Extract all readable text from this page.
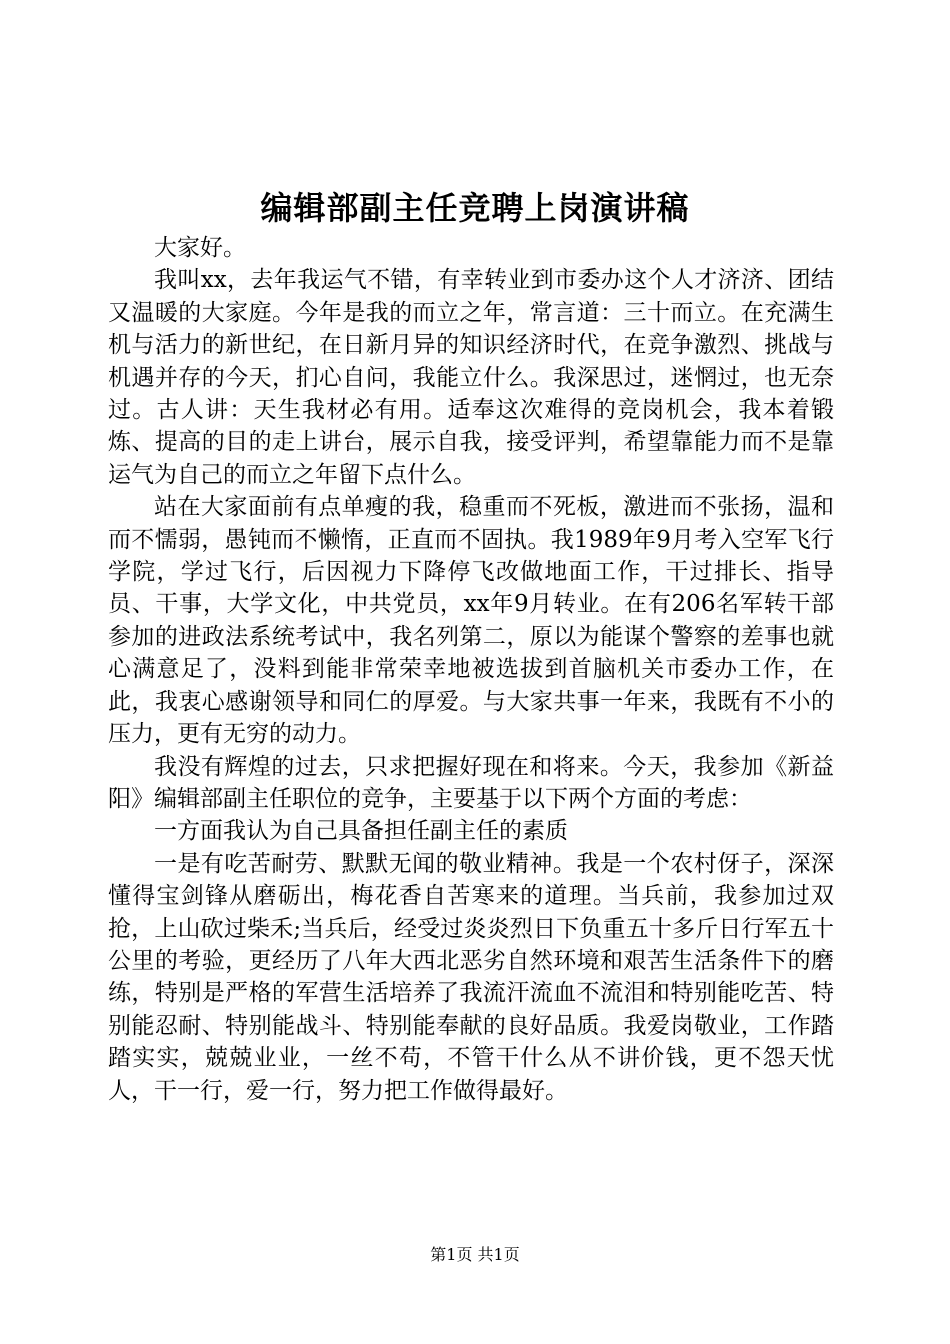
编辑部副主任竞聘上岗演讲稿

大家好。

我叫xx，去年我运气不错，有幸转业到市委办这个人才济济、团结又温暖的大家庭。今年是我的而立之年，常言道：三十而立。在充满生机与活力的新世纪，在日新月异的知识经济时代，在竞争激烈、挑战与机遇并存的今天，扪心自问，我能立什么。我深思过，迷惘过，也无奈过。古人讲：天生我材必有用。适奉这次难得的竞岗机会，我本着锻炼、提高的目的走上讲台，展示自我，接受评判，希望靠能力而不是靠运气为自己的而立之年留下点什么。

站在大家面前有点单瘦的我，稳重而不死板，激进而不张扬，温和而不懦弱，愚钝而不懒惰，正直而不固执。我1989年9月考入空军飞行学院，学过飞行，后因视力下降停飞改做地面工作，干过排长、指导员、干事，大学文化，中共党员，xx年9月转业。在有206名军转干部参加的进政法系统考试中，我名列第二，原以为能谋个警察的差事也就心满意足了，没料到能非常荣幸地被选拔到首脑机关市委办工作，在此，我衷心感谢领导和同仁的厚爱。与大家共事一年来，我既有不小的压力，更有无穷的动力。

我没有辉煌的过去，只求把握好现在和将来。今天，我参加《新益阳》编辑部副主任职位的竞争，主要基于以下两个方面的考虑：

一方面我认为自己具备担任副主任的素质

一是有吃苦耐劳、默默无闻的敬业精神。我是一个农村伢子，深深懂得宝剑锋从磨砺出，梅花香自苦寒来的道理。当兵前，我参加过双抢，上山砍过柴禾;当兵后，经受过炎炎烈日下负重五十多斤日行军五十公里的考验，更经历了八年大西北恶劣自然环境和艰苦生活条件下的磨练，特别是严格的军营生活培养了我流汗流血不流泪和特别能吃苦、特别能忍耐、特别能战斗、特别能奉献的良好品质。我爱岗敬业，工作踏踏实实，兢兢业业，一丝不苟，不管干什么从不讲价钱，更不怨天忧人，干一行，爱一行，努力把工作做得最好。

第1页 共1页
